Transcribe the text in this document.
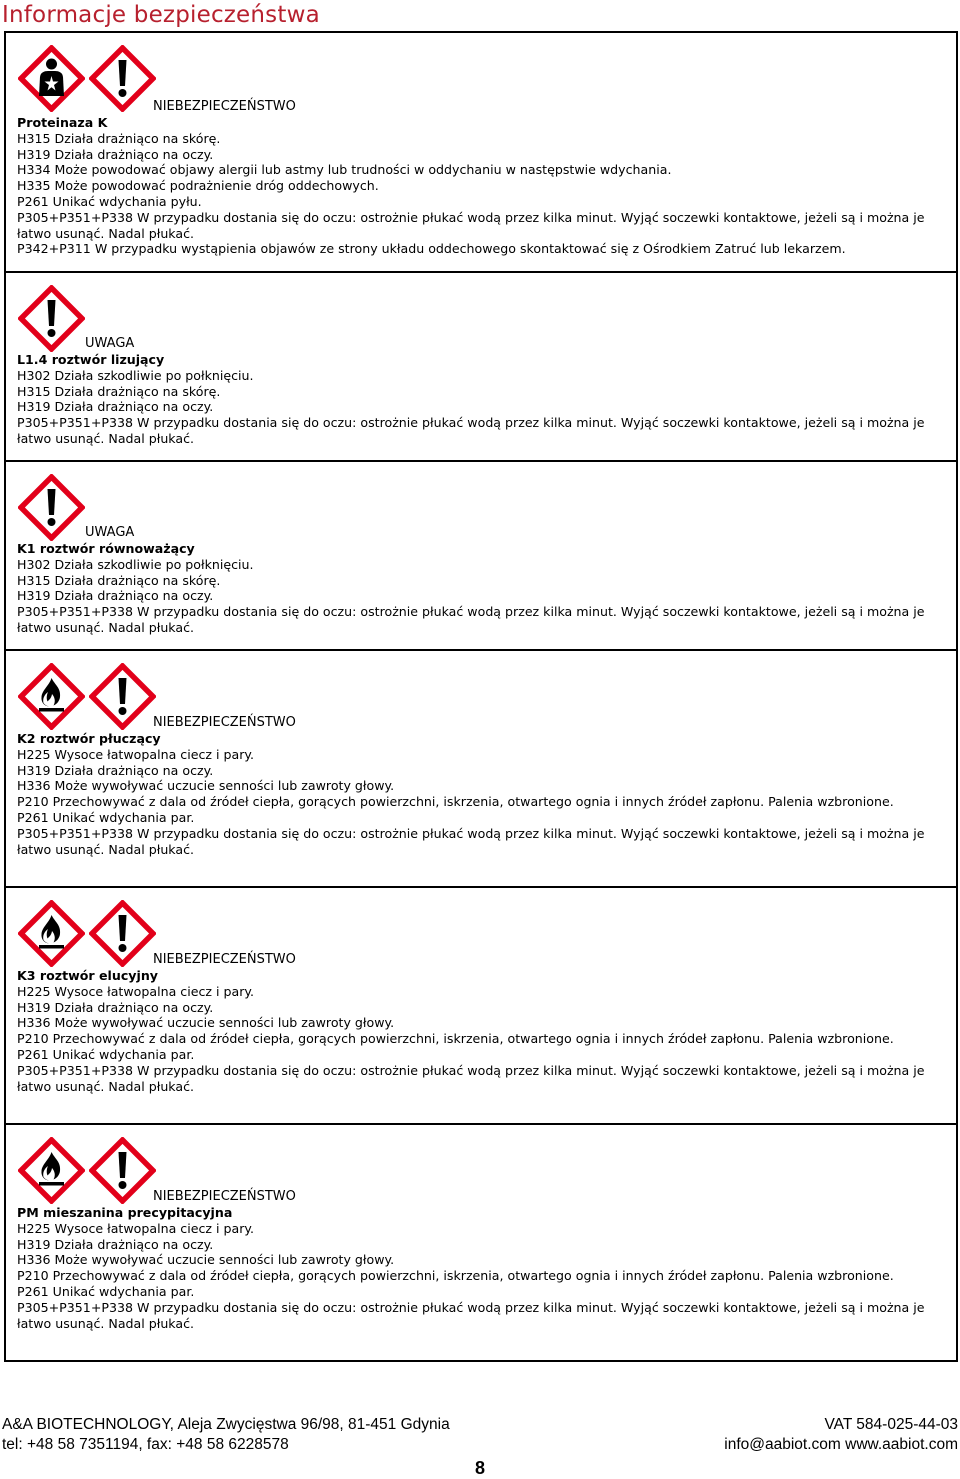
Informacje bezpieczeństwa
NIEBEZPIECZEŃSTWO
Proteinaza K
H315 Działa drażniąco na skórę.
H319 Działa drażniąco na oczy.
H334 Może powodować objawy alergii lub astmy lub trudności w oddychaniu w następstwie wdychania.
H335 Może powodować podrażnienie dróg oddechowych.
P261 Unikać wdychania pyłu.
P305+P351+P338 W przypadku dostania się do oczu: ostrożnie płukać wodą przez kilka minut. Wyjąć soczewki kontaktowe, jeżeli są i można je łatwo usunąć. Nadal płukać.
P342+P311 W przypadku wystąpienia objawów ze strony układu oddechowego skontaktować się z Ośrodkiem Zatruć lub lekarzem.
UWAGA
L1.4 roztwór lizujący
H302 Działa szkodliwie po połknięciu.
H315 Działa drażniąco na skórę.
H319 Działa drażniąco na oczy.
P305+P351+P338 W przypadku dostania się do oczu: ostrożnie płukać wodą przez kilka minut. Wyjąć soczewki kontaktowe, jeżeli są i można je łatwo usunąć. Nadal płukać.
UWAGA
K1 roztwór równoważący
H302 Działa szkodliwie po połknięciu.
H315 Działa drażniąco na skórę.
H319 Działa drażniąco na oczy.
P305+P351+P338 W przypadku dostania się do oczu: ostrożnie płukać wodą przez kilka minut. Wyjąć soczewki kontaktowe, jeżeli są i można je łatwo usunąć. Nadal płukać.
NIEBEZPIECZEŃSTWO
K2 roztwór płuczący
H225 Wysoce łatwopalna ciecz i pary.
H319 Działa drażniąco na oczy.
H336 Może wywoływać uczucie senności lub zawroty głowy.
P210 Przechowywać z dala od źródeł ciepła, gorących powierzchni, iskrzenia, otwartego ognia i innych źródeł zapłonu. Palenia wzbronione.
P261 Unikać wdychania par.
P305+P351+P338 W przypadku dostania się do oczu: ostrożnie płukać wodą przez kilka minut. Wyjąć soczewki kontaktowe, jeżeli są i można je łatwo usunąć. Nadal płukać.
NIEBEZPIECZEŃSTWO
K3 roztwór elucyjny
H225 Wysoce łatwopalna ciecz i pary.
H319 Działa drażniąco na oczy.
H336 Może wywoływać uczucie senności lub zawroty głowy.
P210 Przechowywać z dala od źródeł ciepła, gorących powierzchni, iskrzenia, otwartego ognia i innych źródeł zapłonu. Palenia wzbronione.
P261 Unikać wdychania par.
P305+P351+P338 W przypadku dostania się do oczu: ostrożnie płukać wodą przez kilka minut. Wyjąć soczewki kontaktowe, jeżeli są i można je łatwo usunąć. Nadal płukać.
NIEBEZPIECZEŃSTWO
PM mieszanina precypitacyjna
H225 Wysoce łatwopalna ciecz i pary.
H319 Działa drażniąco na oczy.
H336 Może wywoływać uczucie senności lub zawroty głowy.
P210 Przechowywać z dala od źródeł ciepła, gorących powierzchni, iskrzenia, otwartego ognia i innych źródeł zapłonu. Palenia wzbronione.
P261 Unikać wdychania par.
P305+P351+P338 W przypadku dostania się do oczu: ostrożnie płukać wodą przez kilka minut. Wyjąć soczewki kontaktowe, jeżeli są i można je łatwo usunąć. Nadal płukać.
A&A BIOTECHNOLOGY, Aleja Zwycięstwa 96/98, 81-451 Gdynia
tel: +48 58 7351194, fax: +48 58 6228578
VAT 584-025-44-03
info@aabiot.com www.aabiot.com
8
